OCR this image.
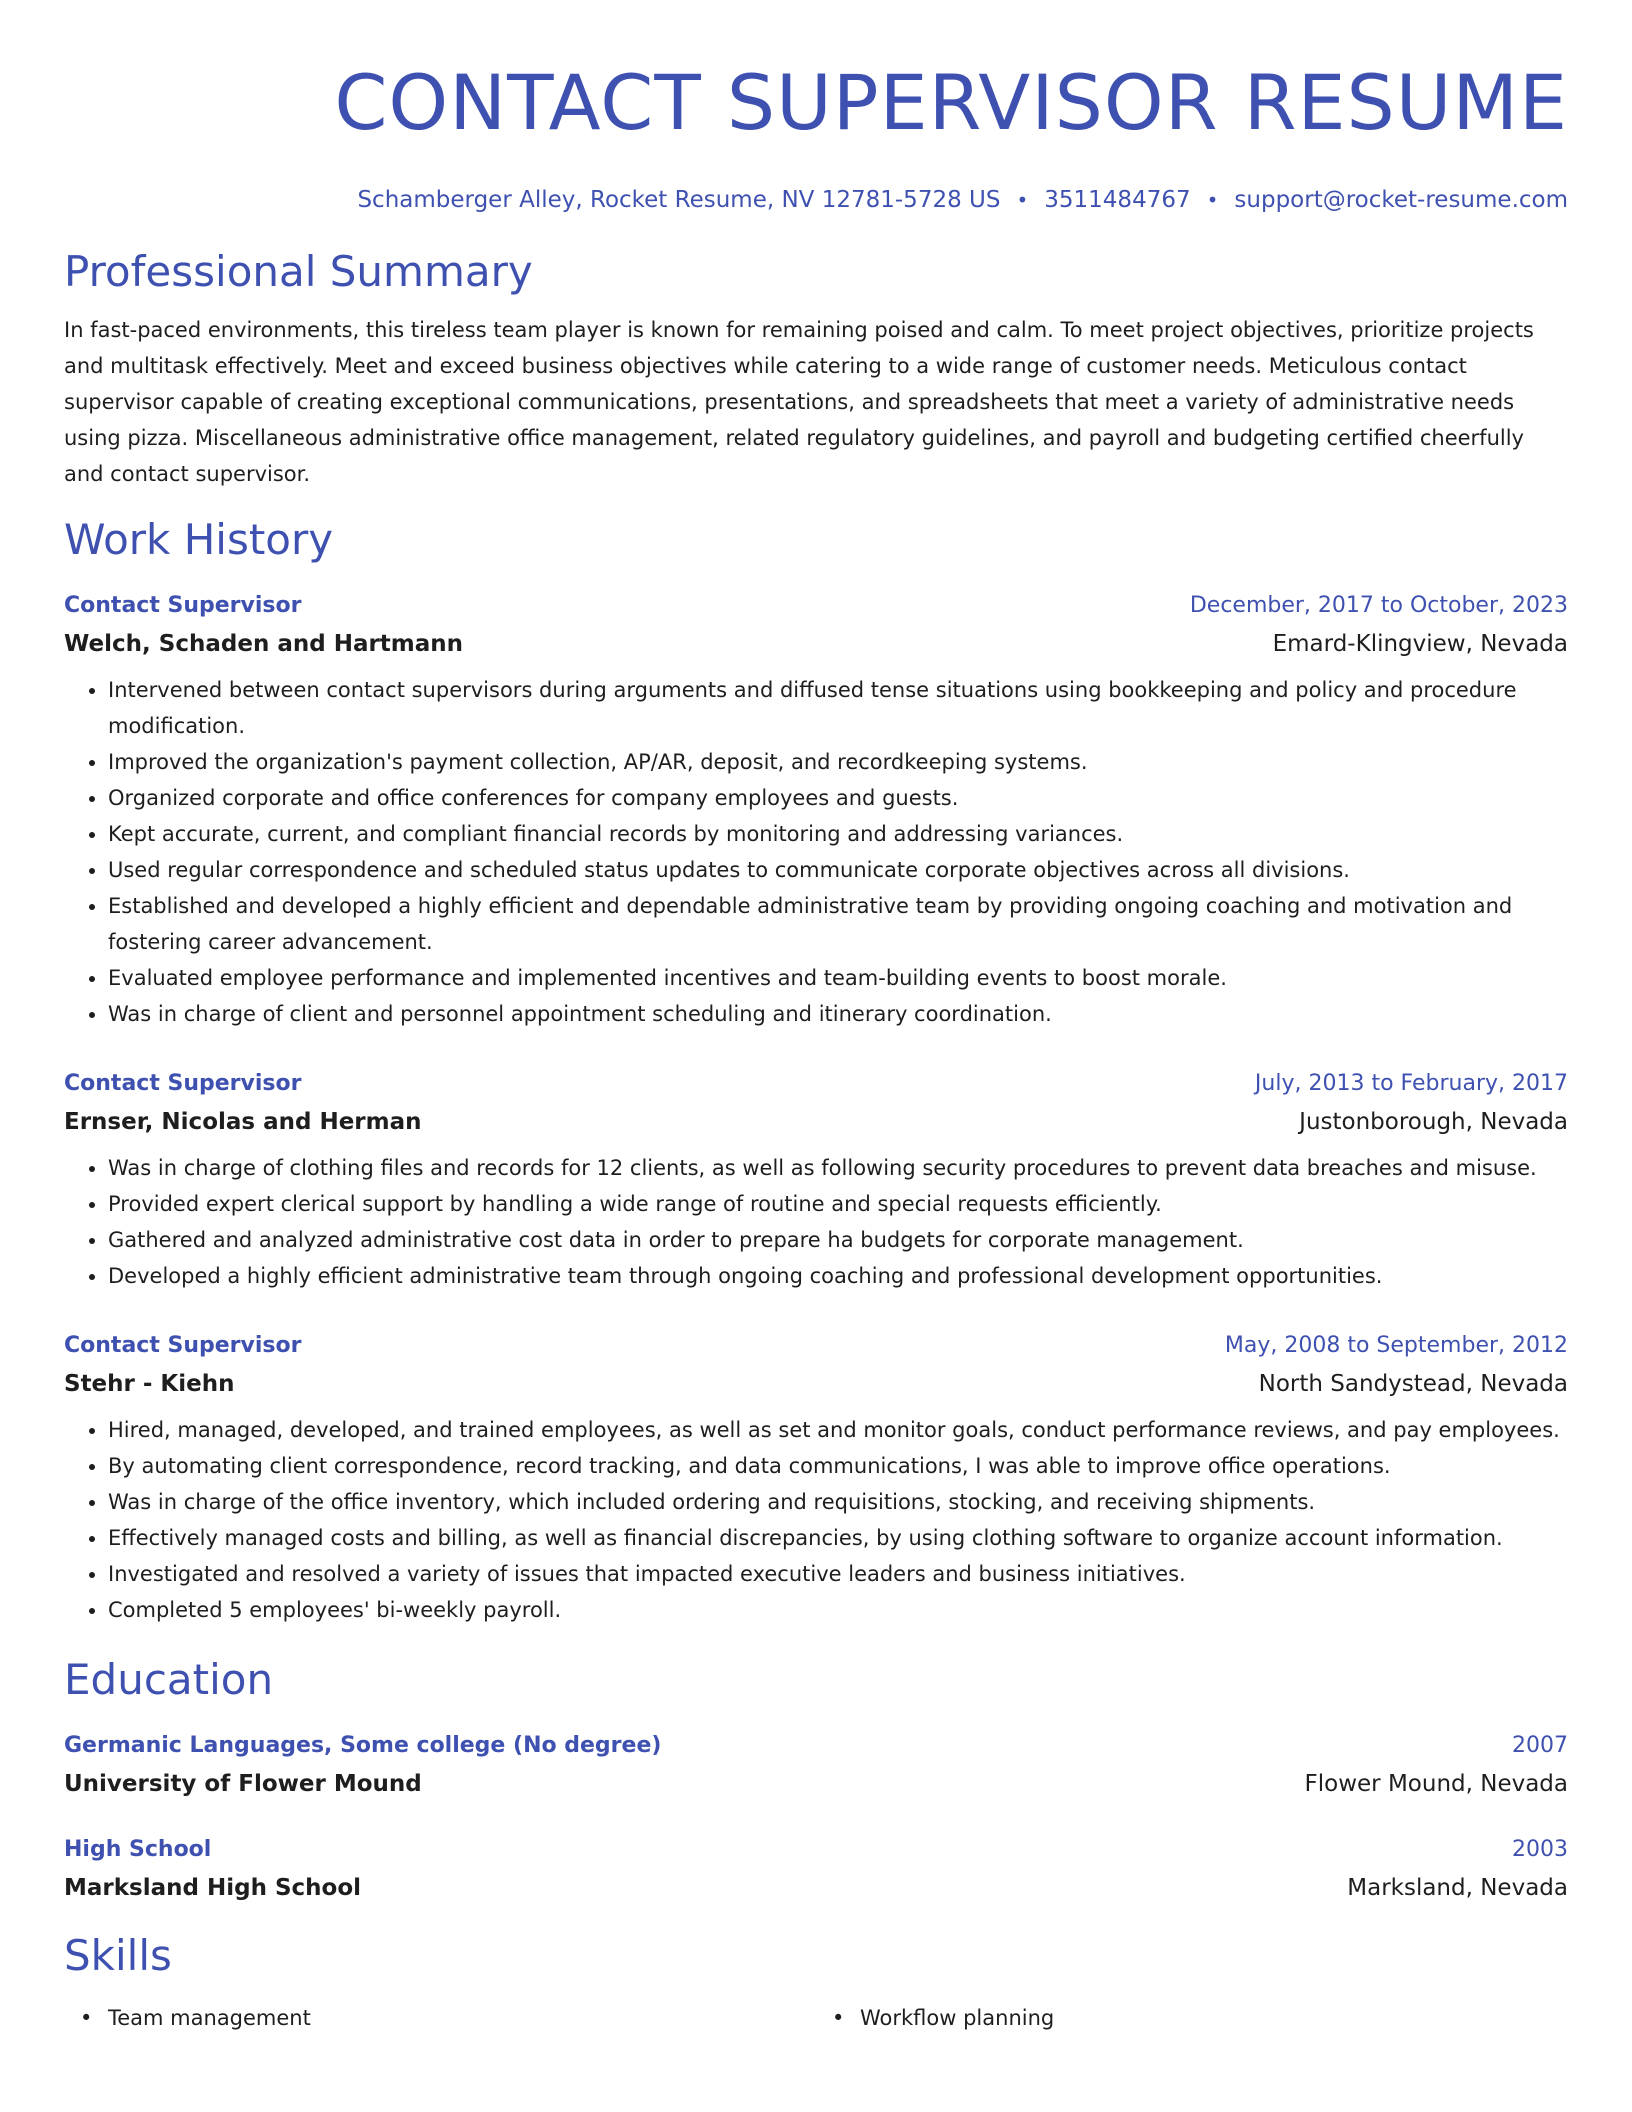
CONTACT SUPERVISOR RESUME
Schamberger Alley, Rocket Resume, NV 12781-5728 US • 3511484767 • support@rocket-resume.com
Professional Summary

In fast-paced environments, this tireless team player is known for remaining poised and calm. To meet project objectives, prioritize projects and multitask effectively. Meet and exceed business objectives while catering to a wide range of customer needs. Meticulous contact supervisor capable of creating exceptional communications, presentations, and spreadsheets that meet a variety of administrative needs using pizza. Miscellaneous administrative office management, related regulatory guidelines, and payroll and budgeting certified cheerfully and contact supervisor.

Work History
Contact Supervisor	December, 2017 to October, 2023
Welch, Schaden and Hartmann	Emard-Klingview, Nevada
• Intervened between contact supervisors during arguments and diffused tense situations using bookkeeping and policy and procedure modification.
• Improved the organization's payment collection, AP/AR, deposit, and recordkeeping systems.
• Organized corporate and office conferences for company employees and guests.
• Kept accurate, current, and compliant financial records by monitoring and addressing variances.
• Used regular correspondence and scheduled status updates to communicate corporate objectives across all divisions.
• Established and developed a highly efficient and dependable administrative team by providing ongoing coaching and motivation and fostering career advancement.
• Evaluated employee performance and implemented incentives and team-building events to boost morale.
• Was in charge of client and personnel appointment scheduling and itinerary coordination.
Contact Supervisor	July, 2013 to February, 2017
Ernser, Nicolas and Herman	Justonborough, Nevada
• Was in charge of clothing files and records for 12 clients, as well as following security procedures to prevent data breaches and misuse.
• Provided expert clerical support by handling a wide range of routine and special requests efficiently.
• Gathered and analyzed administrative cost data in order to prepare ha budgets for corporate management.
• Developed a highly efficient administrative team through ongoing coaching and professional development opportunities.
Contact Supervisor	May, 2008 to September, 2012
Stehr - Kiehn	North Sandystead, Nevada
• Hired, managed, developed, and trained employees, as well as set and monitor goals, conduct performance reviews, and pay employees.
• By automating client correspondence, record tracking, and data communications, I was able to improve office operations.
• Was in charge of the office inventory, which included ordering and requisitions, stocking, and receiving shipments.
• Effectively managed costs and billing, as well as financial discrepancies, by using clothing software to organize account information.
• Investigated and resolved a variety of issues that impacted executive leaders and business initiatives.
• Completed 5 employees' bi-weekly payroll.
Education
Germanic Languages, Some college (No degree)	2007
University of Flower Mound	Flower Mound, Nevada
High School	2003
Marksland High School	Marksland, Nevada
Skills
• Team management
•	Workflow planning
